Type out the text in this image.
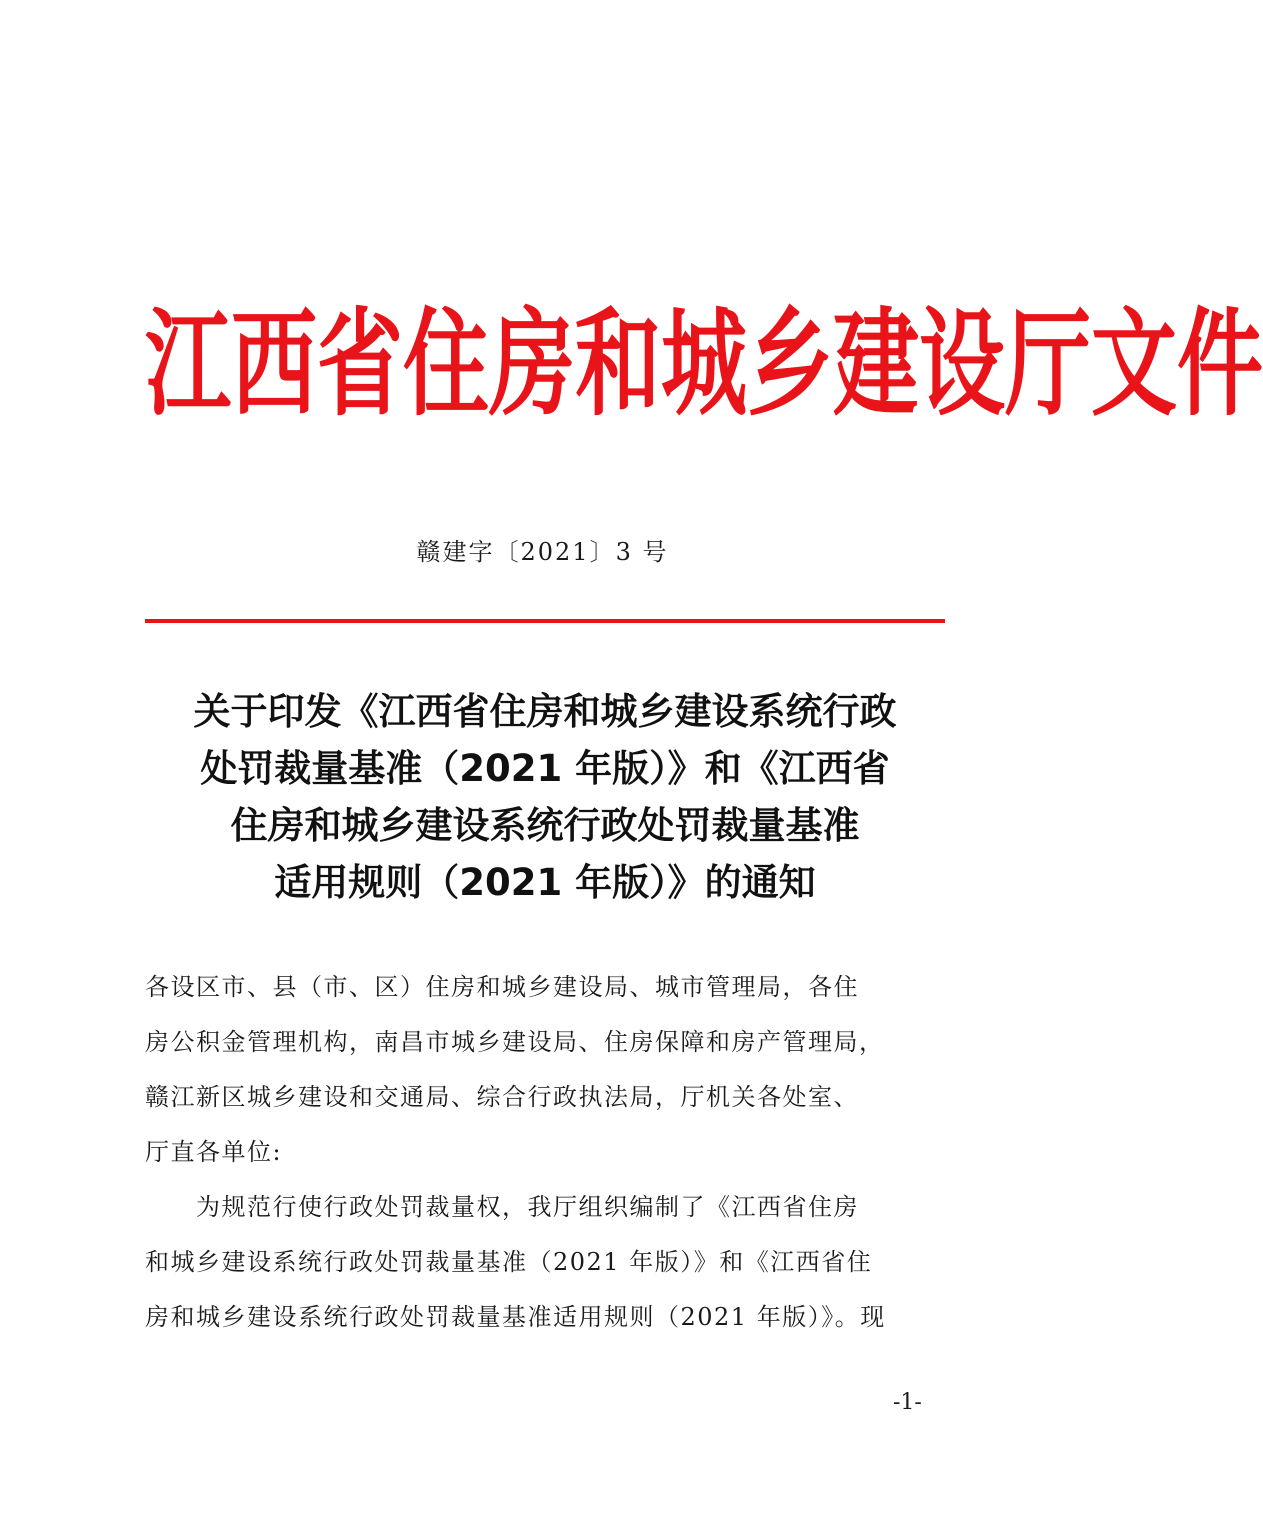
江 西 省 住 房 和 城 乡 建 设 厅 文 件
赣建字〔2021〕3 号
关于印发《江西省住房和城乡建设系统行政
处罚裁量基准（2021 年版）》和《江西省
住房和城乡建设系统行政处罚裁量基准
适用规则（2021 年版）》的通知
各设区市、县（市、区）住房和城乡建设局、城市管理局，各住
房公积金管理机构，南昌市城乡建设局、住房保障和房产管理局，
赣江新区城乡建设和交通局、综合行政执法局，厅机关各处室、
厅直各单位:
　　为规范行使行政处罚裁量权，我厅组织编制了《江西省住房
和城乡建设系统行政处罚裁量基准（2021 年版）》和《江西省住
房和城乡建设系统行政处罚裁量基准适用规则（2021 年版）》。现
-1-
